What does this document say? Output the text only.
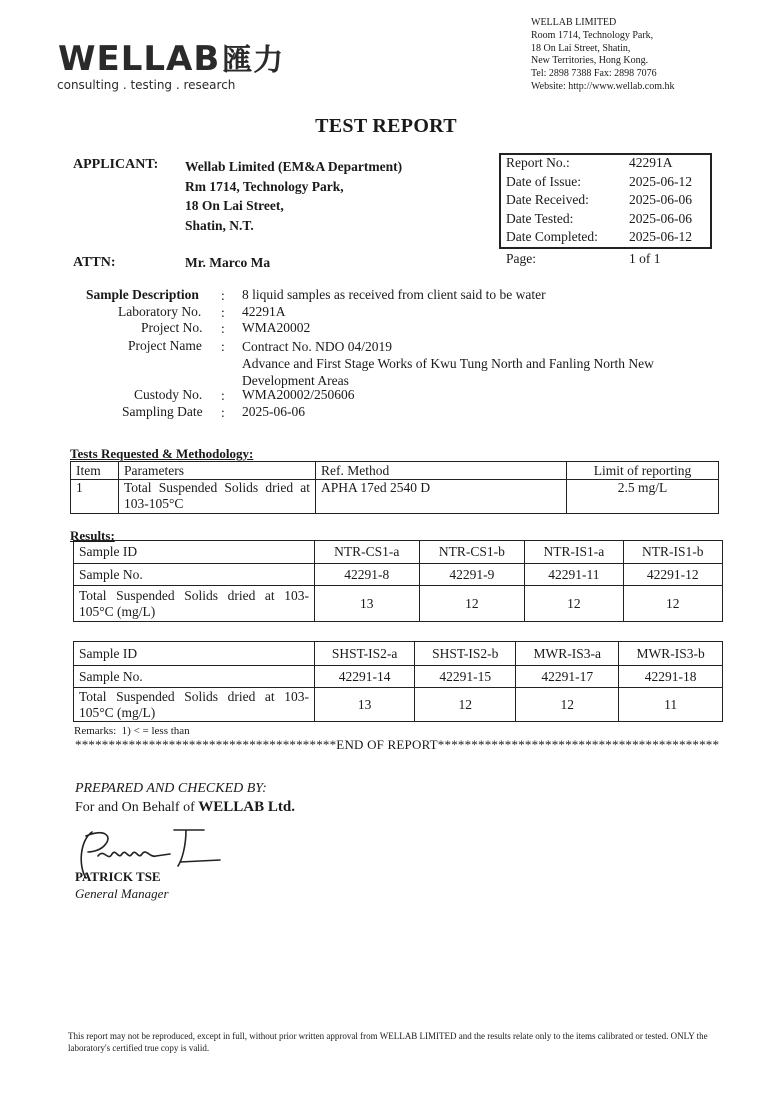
WELLAB匯力
consulting . testing . research
WELLAB LIMITED
Room 1714, Technology Park,
18 On Lai Street, Shatin,
New Territories, Hong Kong.
Tel: 2898 7388 Fax: 2898 7076
Website: http://www.wellab.com.hk
TEST REPORT
APPLICANT: Wellab Limited (EM&A Department)
Rm 1714, Technology Park,
18 On Lai Street,
Shatin, N.T.
ATTN:	Mr. Marco Ma
Report No.:	42291A
Date of Issue:	2025-06-12
Date Received:	2025-06-06
Date Tested:	2025-06-06
Date Completed: 2025-06-12
Page:	1 of 1
Sample Description : 8 liquid samples as received from client said to be water
Laboratory No. : 42291A
Project No. : WMA20002
Project Name : Contract No. NDO 04/2019
Advance and First Stage Works of Kwu Tung North and Fanling North New
Development Areas
Custody No. : WMA20002/250606
Sampling Date : 2025-06-06
Tests Requested & Methodology:
Item	Parameters	Ref. Method	Limit of reporting
1	Total Suspended Solids dried at 103-105°C	APHA 17ed 2540 D	2.5 mg/L
Results:
Sample ID	NTR-CS1-a	NTR-CS1-b	NTR-IS1-a	NTR-IS1-b
Sample No.	42291-8	42291-9	42291-11	42291-12
Total Suspended Solids dried at 103-105°C (mg/L)	13	12	12	12
Sample ID	SHST-IS2-a	SHST-IS2-b	MWR-IS3-a	MWR-IS3-b
Sample No.	42291-14	42291-15	42291-17	42291-18
Total Suspended Solids dried at 103-105°C (mg/L)	13	12	12	11
Remarks:  1) < = less than
***************************************END OF REPORT******************************************
PREPARED AND CHECKED BY:
For and On Behalf of WELLAB Ltd.
PATRICK TSE
General Manager
This report may not be reproduced, except in full, without prior written approval from WELLAB LIMITED and the results relate only to the items calibrated or tested. ONLY the laboratory's certified true copy is valid.
